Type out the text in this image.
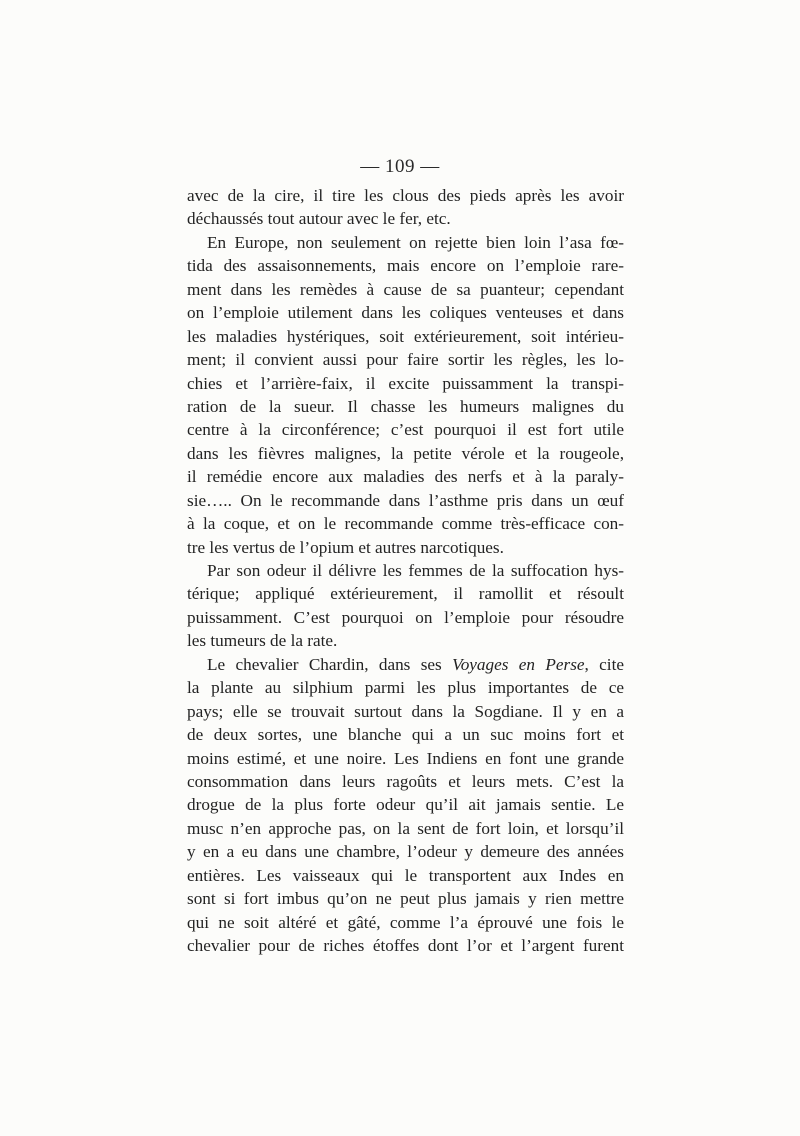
— 109 —
avec de la cire, il tire les clous des pieds après les avoir
déchaussés tout autour avec le fer, etc.
En Europe, non seulement on rejette bien loin l’asa fœ-
tida des assaisonnements, mais encore on l’emploie rare-
ment dans les remèdes à cause de sa puanteur; cependant
on l’emploie utilement dans les coliques venteuses et dans
les maladies hystériques, soit extérieurement, soit intérieu-
ment; il convient aussi pour faire sortir les règles, les lo-
chies et l’arrière-faix, il excite puissamment la transpi-
ration de la sueur. Il chasse les humeurs malignes du
centre à la circonférence; c’est pourquoi il est fort utile
dans les fièvres malignes, la petite vérole et la rougeole,
il remédie encore aux maladies des nerfs et à la paraly-
sie….. On le recommande dans l’asthme pris dans un œuf
à la coque, et on le recommande comme très-efficace con-
tre les vertus de l’opium et autres narcotiques.
Par son odeur il délivre les femmes de la suffocation hys-
térique; appliqué extérieurement, il ramollit et résoult
puissamment. C’est pourquoi on l’emploie pour résoudre
les tumeurs de la rate.
Le chevalier Chardin, dans ses Voyages en Perse, cite
la plante au silphium parmi les plus importantes de ce
pays; elle se trouvait surtout dans la Sogdiane. Il y en a
de deux sortes, une blanche qui a un suc moins fort et
moins estimé, et une noire. Les Indiens en font une grande
consommation dans leurs ragoûts et leurs mets. C’est la
drogue de la plus forte odeur qu’il ait jamais sentie. Le
musc n’en approche pas, on la sent de fort loin, et lorsqu’il
y en a eu dans une chambre, l’odeur y demeure des années
entières. Les vaisseaux qui le transportent aux Indes en
sont si fort imbus qu’on ne peut plus jamais y rien mettre
qui ne soit altéré et gâté, comme l’a éprouvé une fois le
chevalier pour de riches étoffes dont l’or et l’argent furent
